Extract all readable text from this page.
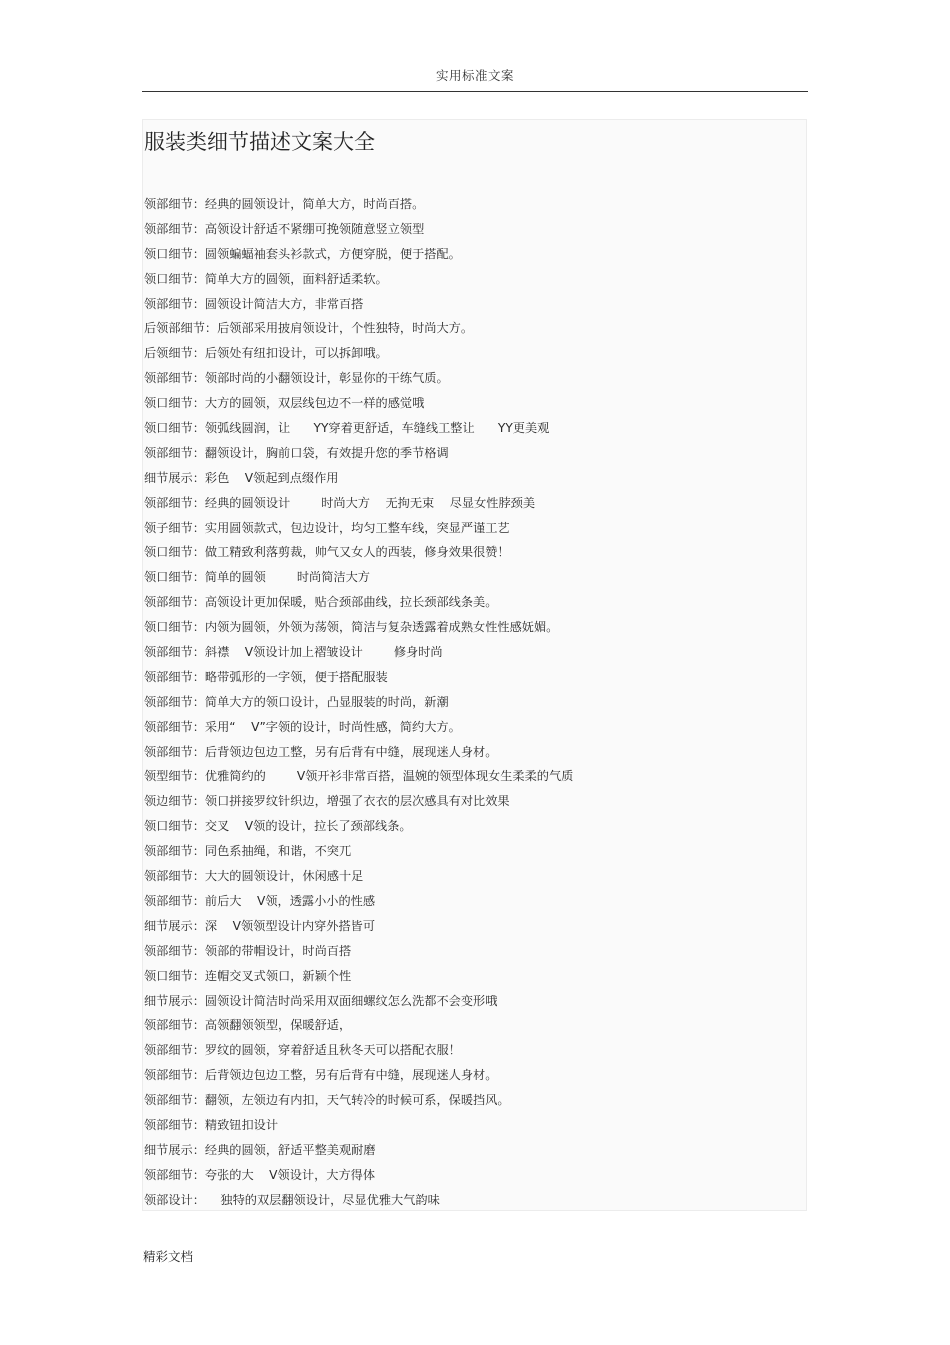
实用标准文案
服装类细节描述文案大全
领部细节：经典的圆领设计，简单大方，时尚百搭。
领部细节：高领设计舒适不紧绷可挽领随意竖立领型
领口细节：圆领蝙蝠袖套头衫款式，方便穿脱，便于搭配。
领口细节：简单大方的圆领，面料舒适柔软。
领部细节：圆领设计简洁大方，非常百搭
后领部细节：后领部采用披肩领设计，个性独特，时尚大方。
后领细节：后领处有纽扣设计，可以拆卸哦。
领部细节：领部时尚的小翻领设计，彰显你的干练气质。
领口细节：大方的圆领，双层线包边不一样的感觉哦
领口细节：领弧线圆润，让      YY穿着更舒适，车缝线工整让      YY更美观
领部细节：翻领设计，胸前口袋，有效提升您的季节格调
细节展示：彩色    V领起到点缀作用
领部细节：经典的圆领设计        时尚大方    无拘无束    尽显女性脖颈美
领子细节：实用圆领款式，包边设计，均匀工整车线，突显严谨工艺
领口细节：做工精致利落剪裁，帅气又女人的西装，修身效果很赞！
领口细节：简单的圆领        时尚简洁大方
领部细节：高领设计更加保暖，贴合颈部曲线，拉长颈部线条美。
领口细节：内领为圆领，外领为荡领，简洁与复杂透露着成熟女性性感妩媚。
领部细节：斜襟    V领设计加上褶皱设计        修身时尚
领部细节：略带弧形的一字领，便于搭配服装
领部细节：简单大方的领口设计，凸显服装的时尚，新潮
领部细节：采用“    V”字领的设计，时尚性感，简约大方。
领部细节：后背领边包边工整，另有后背有中缝，展现迷人身材。
领型细节：优雅简约的        V领开衫非常百搭，温婉的领型体现女生柔柔的气质
领边细节：领口拼接罗纹针织边，增强了衣衣的层次感具有对比效果
领口细节：交叉    V领的设计，拉长了颈部线条。
领部细节：同色系抽绳，和谐，不突兀
领部细节：大大的圆领设计，休闲感十足
领部细节：前后大    V领，透露小小的性感
细节展示：深    V领领型设计内穿外搭皆可
领部细节：领部的带帽设计，时尚百搭
领口细节：连帽交叉式领口，新颖个性
细节展示：圆领设计简洁时尚采用双面细螺纹怎么洗都不会变形哦
领部细节：高领翻领领型，保暖舒适，
领部细节：罗纹的圆领，穿着舒适且秋冬天可以搭配衣服！
领部细节：后背领边包边工整，另有后背有中缝，展现迷人身材。
领部细节：翻领，左领边有内扣，天气转冷的时候可系，保暖挡风。
领部细节：精致钮扣设计
细节展示：经典的圆领，舒适平整美观耐磨
领部细节：夸张的大    V领设计，大方得体
领部设计：    独特的双层翻领设计，尽显优雅大气韵味
精彩文档
